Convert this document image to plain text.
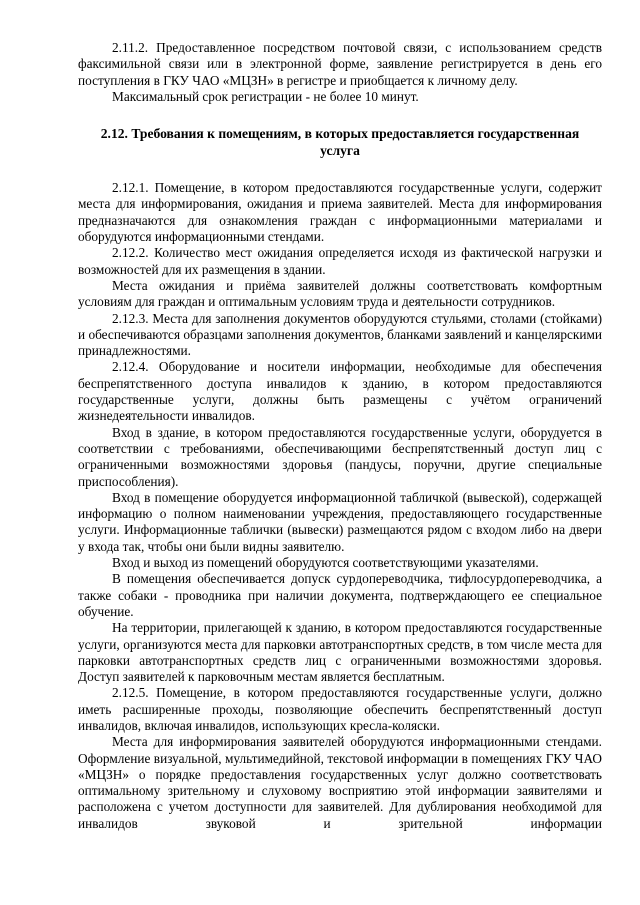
2.11.2. Предоставленное посредством почтовой связи, с использованием средств факсимильной связи или в электронной форме, заявление регистрируется в день его поступления в ГКУ ЧАО «МЦЗН» в регистре и приобщается к личному делу.

Максимальный срок регистрации - не более 10 минут.

2.12. Требования к помещениям, в которых предоставляется государственная услуга

2.12.1. Помещение, в котором предоставляются государственные услуги, содержит места для информирования, ожидания и приема заявителей. Места для информирования предназначаются для ознакомления граждан с информационными материалами и оборудуются информационными стендами.

2.12.2. Количество мест ожидания определяется исходя из фактической нагрузки и возможностей для их размещения в здании.

Места ожидания и приёма заявителей должны соответствовать комфортным условиям для граждан и оптимальным условиям труда и деятельности сотрудников.

2.12.3. Места для заполнения документов оборудуются стульями, столами (стойками) и обеспечиваются образцами заполнения документов, бланками заявлений и канцелярскими принадлежностями.

2.12.4. Оборудование и носители информации, необходимые для обеспечения беспрепятственного доступа инвалидов к зданию, в котором предоставляются государственные услуги, должны быть размещены с учётом ограничений жизнедеятельности инвалидов.

Вход в здание, в котором предоставляются государственные услуги, оборудуется в соответствии с требованиями, обеспечивающими беспрепятственный доступ лиц с ограниченными возможностями здоровья (пандусы, поручни, другие специальные приспособления).

Вход в помещение оборудуется информационной табличкой (вывеской), содержащей информацию о полном наименовании учреждения, предоставляющего государственные услуги. Информационные таблички (вывески) размещаются рядом с входом либо на двери у входа так, чтобы они были видны заявителю.

Вход и выход из помещений оборудуются соответствующими указателями.

В помещения обеспечивается допуск сурдопереводчика, тифлосурдопереводчика, а также собаки - проводника при наличии документа, подтверждающего ее специальное обучение.

На территории, прилегающей к зданию, в котором предоставляются государственные услуги, организуются места для парковки автотранспортных средств, в том числе места для парковки автотранспортных средств лиц с ограниченными возможностями здоровья. Доступ заявителей к парковочным местам является бесплатным.

2.12.5. Помещение, в котором предоставляются государственные услуги, должно иметь расширенные проходы, позволяющие обеспечить беспрепятственный доступ инвалидов, включая инвалидов, использующих кресла-коляски.

Места для информирования заявителей оборудуются информационными стендами. Оформление визуальной, мультимедийной, текстовой информации в помещениях ГКУ ЧАО «МЦЗН» о порядке предоставления государственных услуг должно соответствовать оптимальному зрительному и слуховому восприятию этой информации заявителями и расположена с учетом доступности для заявителей. Для дублирования необходимой для инвалидов звуковой и зрительной информации
